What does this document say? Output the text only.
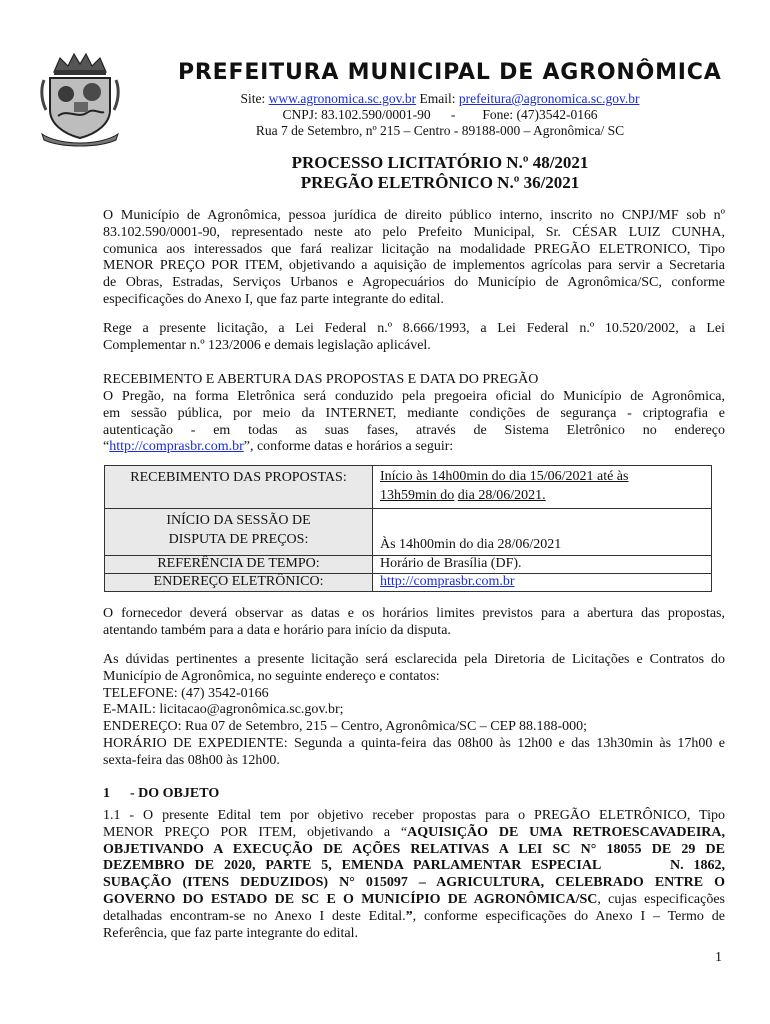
PREFEITURA MUNICIPAL DE AGRONÔMICA
Site: www.agronomica.sc.gov.br Email: prefeitura@agronomica.sc.gov.br
CNPJ: 83.102.590/0001-90      -        Fone: (47)3542-0166
Rua 7 de Setembro, nº 215 – Centro - 89188-000 – Agronômica/ SC
PROCESSO LICITATÓRIO N.º 48/2021
PREGÃO ELETRÔNICO N.º 36/2021
O Município de Agronômica, pessoa jurídica de direito público interno, inscrito no CNPJ/MF sob nº
83.102.590/0001-90, representado neste ato pelo Prefeito Municipal, Sr. CÉSAR LUIZ CUNHA,
comunica aos interessados que fará realizar licitação na modalidade PREGÃO ELETRONICO, Tipo
MENOR PREÇO POR ITEM, objetivando a aquisição de implementos agrícolas para servir a Secretaria
de Obras, Estradas, Serviços Urbanos e Agropecuários do Município de Agronômica/SC, conforme
especificações do Anexo I, que faz parte integrante do edital.
Rege a presente licitação, a Lei Federal n.º 8.666/1993, a Lei Federal n.º 10.520/2002, a Lei
Complementar n.º 123/2006 e demais legislação aplicável.
RECEBIMENTO E ABERTURA DAS PROPOSTAS E DATA DO PREGÃO
O Pregão, na forma Eletrônica será conduzido pela pregoeira oficial do Município de Agronômica,
em sessão pública, por meio da INTERNET, mediante condições de segurança - criptografia e
autenticação - em todas as suas fases, através de Sistema Eletrônico no endereço
“http://comprasbr.com.br”, conforme datas e horários a seguir:
RECEBIMENTO DAS PROPOSTAS:	Início às 14h00min do dia 15/06/2021 até às
13h59min do dia 28/06/2021.

INÍCIO DA SESSÃO DE
DISPUTA DE PREÇOS:	Às 14h00min do dia 28/06/2021
REFERÊNCIA DE TEMPO:	Horário de Brasília (DF).
ENDEREÇO ELETRÔNICO:	http://comprasbr.com.br
O fornecedor deverá observar as datas e os horários limites previstos para a abertura das propostas,
atentando também para a data e horário para início da disputa.
As dúvidas pertinentes a presente licitação será esclarecida pela Diretoria de Licitações e Contratos do
Município de Agronômica, no seguinte endereço e contatos:
TELEFONE: (47) 3542-0166
E-MAIL: licitacao@agronômica.sc.gov.br;
ENDEREÇO: Rua 07 de Setembro, 215 – Centro, Agronômica/SC – CEP 88.188-000;
HORÁRIO DE EXPEDIENTE: Segunda a quinta-feira das 08h00 às 12h00 e das 13h30min às 17h00 e
sexta-feira das 08h00 às 12h00.
1 - DO OBJETO
1.1 - O presente Edital tem por objetivo receber propostas para o PREGÃO ELETRÔNICO, Tipo
MENOR PREÇO POR ITEM, objetivando a “AQUISIÇÃO DE UMA RETROESCAVADEIRA,
OBJETIVANDO A EXECUÇÃO DE AÇÕES RELATIVAS A LEI SC N° 18055 DE 29 DE
DEZEMBRO DE 2020, PARTE 5, EMENDA PARLAMENTAR ESPECIAL       N. 1862,
SUBAÇÃO (ITENS DEDUZIDOS) N° 015097 – AGRICULTURA, CELEBRADO ENTRE O
GOVERNO DO ESTADO DE SC E O MUNICÍPIO DE AGRONÔMICA/SC, cujas especificações
detalhadas encontram-se no Anexo I deste Edital.”, conforme especificações do Anexo I – Termo de
Referência, que faz parte integrante do edital.
1
